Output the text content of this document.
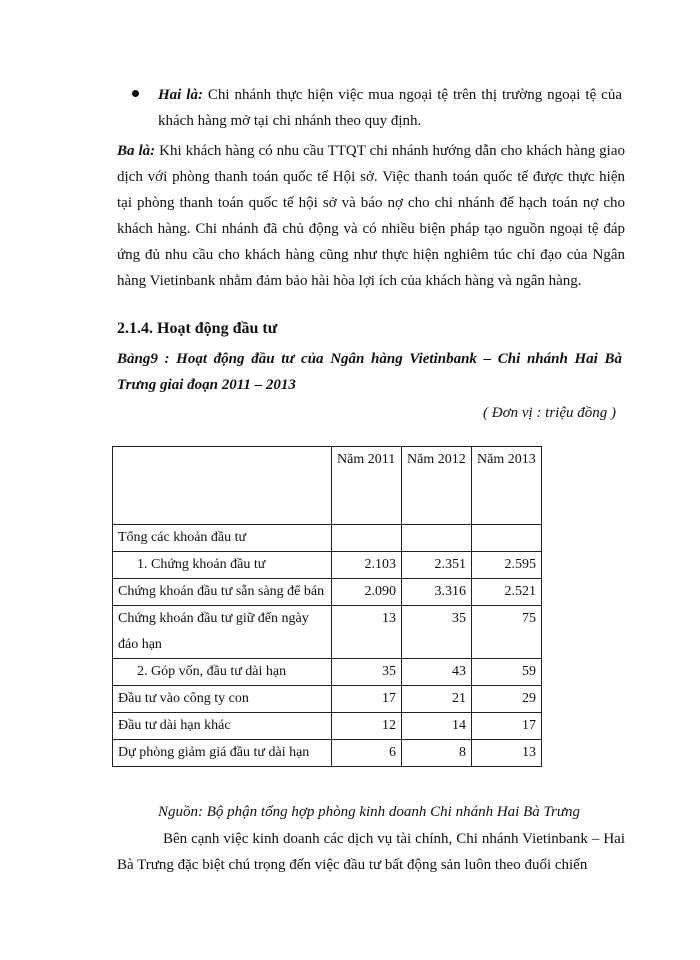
Hai là: Chi nhánh thực hiện việc mua ngoại tệ trên thị trường ngoại tệ của khách hàng mở tại chi nhánh theo quy định.

Ba là: Khi khách hàng có nhu cầu TTQT chi nhánh hướng dẫn cho khách hàng giao dịch với phòng thanh toán quốc tế Hội sở. Việc thanh toán quốc tế được thực hiện tại phòng thanh toán quốc tế hội sở và báo nợ cho chi nhánh để hạch toán nợ cho khách hàng. Chi nhánh đã chủ động và có nhiều biện pháp tạo nguồn ngoại tệ đáp ứng đủ nhu cầu cho khách hàng cũng như thực hiện nghiêm túc chỉ đạo của Ngân hàng Vietinbank nhằm đảm bảo hài hòa lợi ích của khách hàng và ngân hàng.

2.1.4. Hoạt động đầu tư

Bảng9 : Hoạt động đầu tư của Ngân hàng Vietinbank – Chi nhánh Hai Bà Trưng giai đoạn 2011 – 2013

( Đơn vị : triệu đồng )
	Năm 2011	Năm 2012	Năm 2013
Tổng các khoản đầu tư			
1. Chứng khoán đầu tư	2.103	2.351	2.595
Chứng khoán đầu tư sẵn sàng để bán	2.090	3.316	2.521
Chứng khoán đầu tư giữ đến ngày đáo hạn	13	35	75
2. Góp vốn, đầu tư dài hạn	35	43	59
Đầu tư vào công ty con	17	21	29
Đầu tư dài hạn khác	12	14	17
Dự phòng giảm giá đầu tư dài hạn	6	8	13
Nguồn: Bộ phận tổng hợp phòng kinh doanh Chi nhánh Hai Bà Trưng

Bên cạnh việc kinh doanh các dịch vụ tài chính, Chi nhánh Vietinbank – Hai Bà Trưng đặc biệt chú trọng đến việc đầu tư bất động sản luôn theo đuổi chiến
